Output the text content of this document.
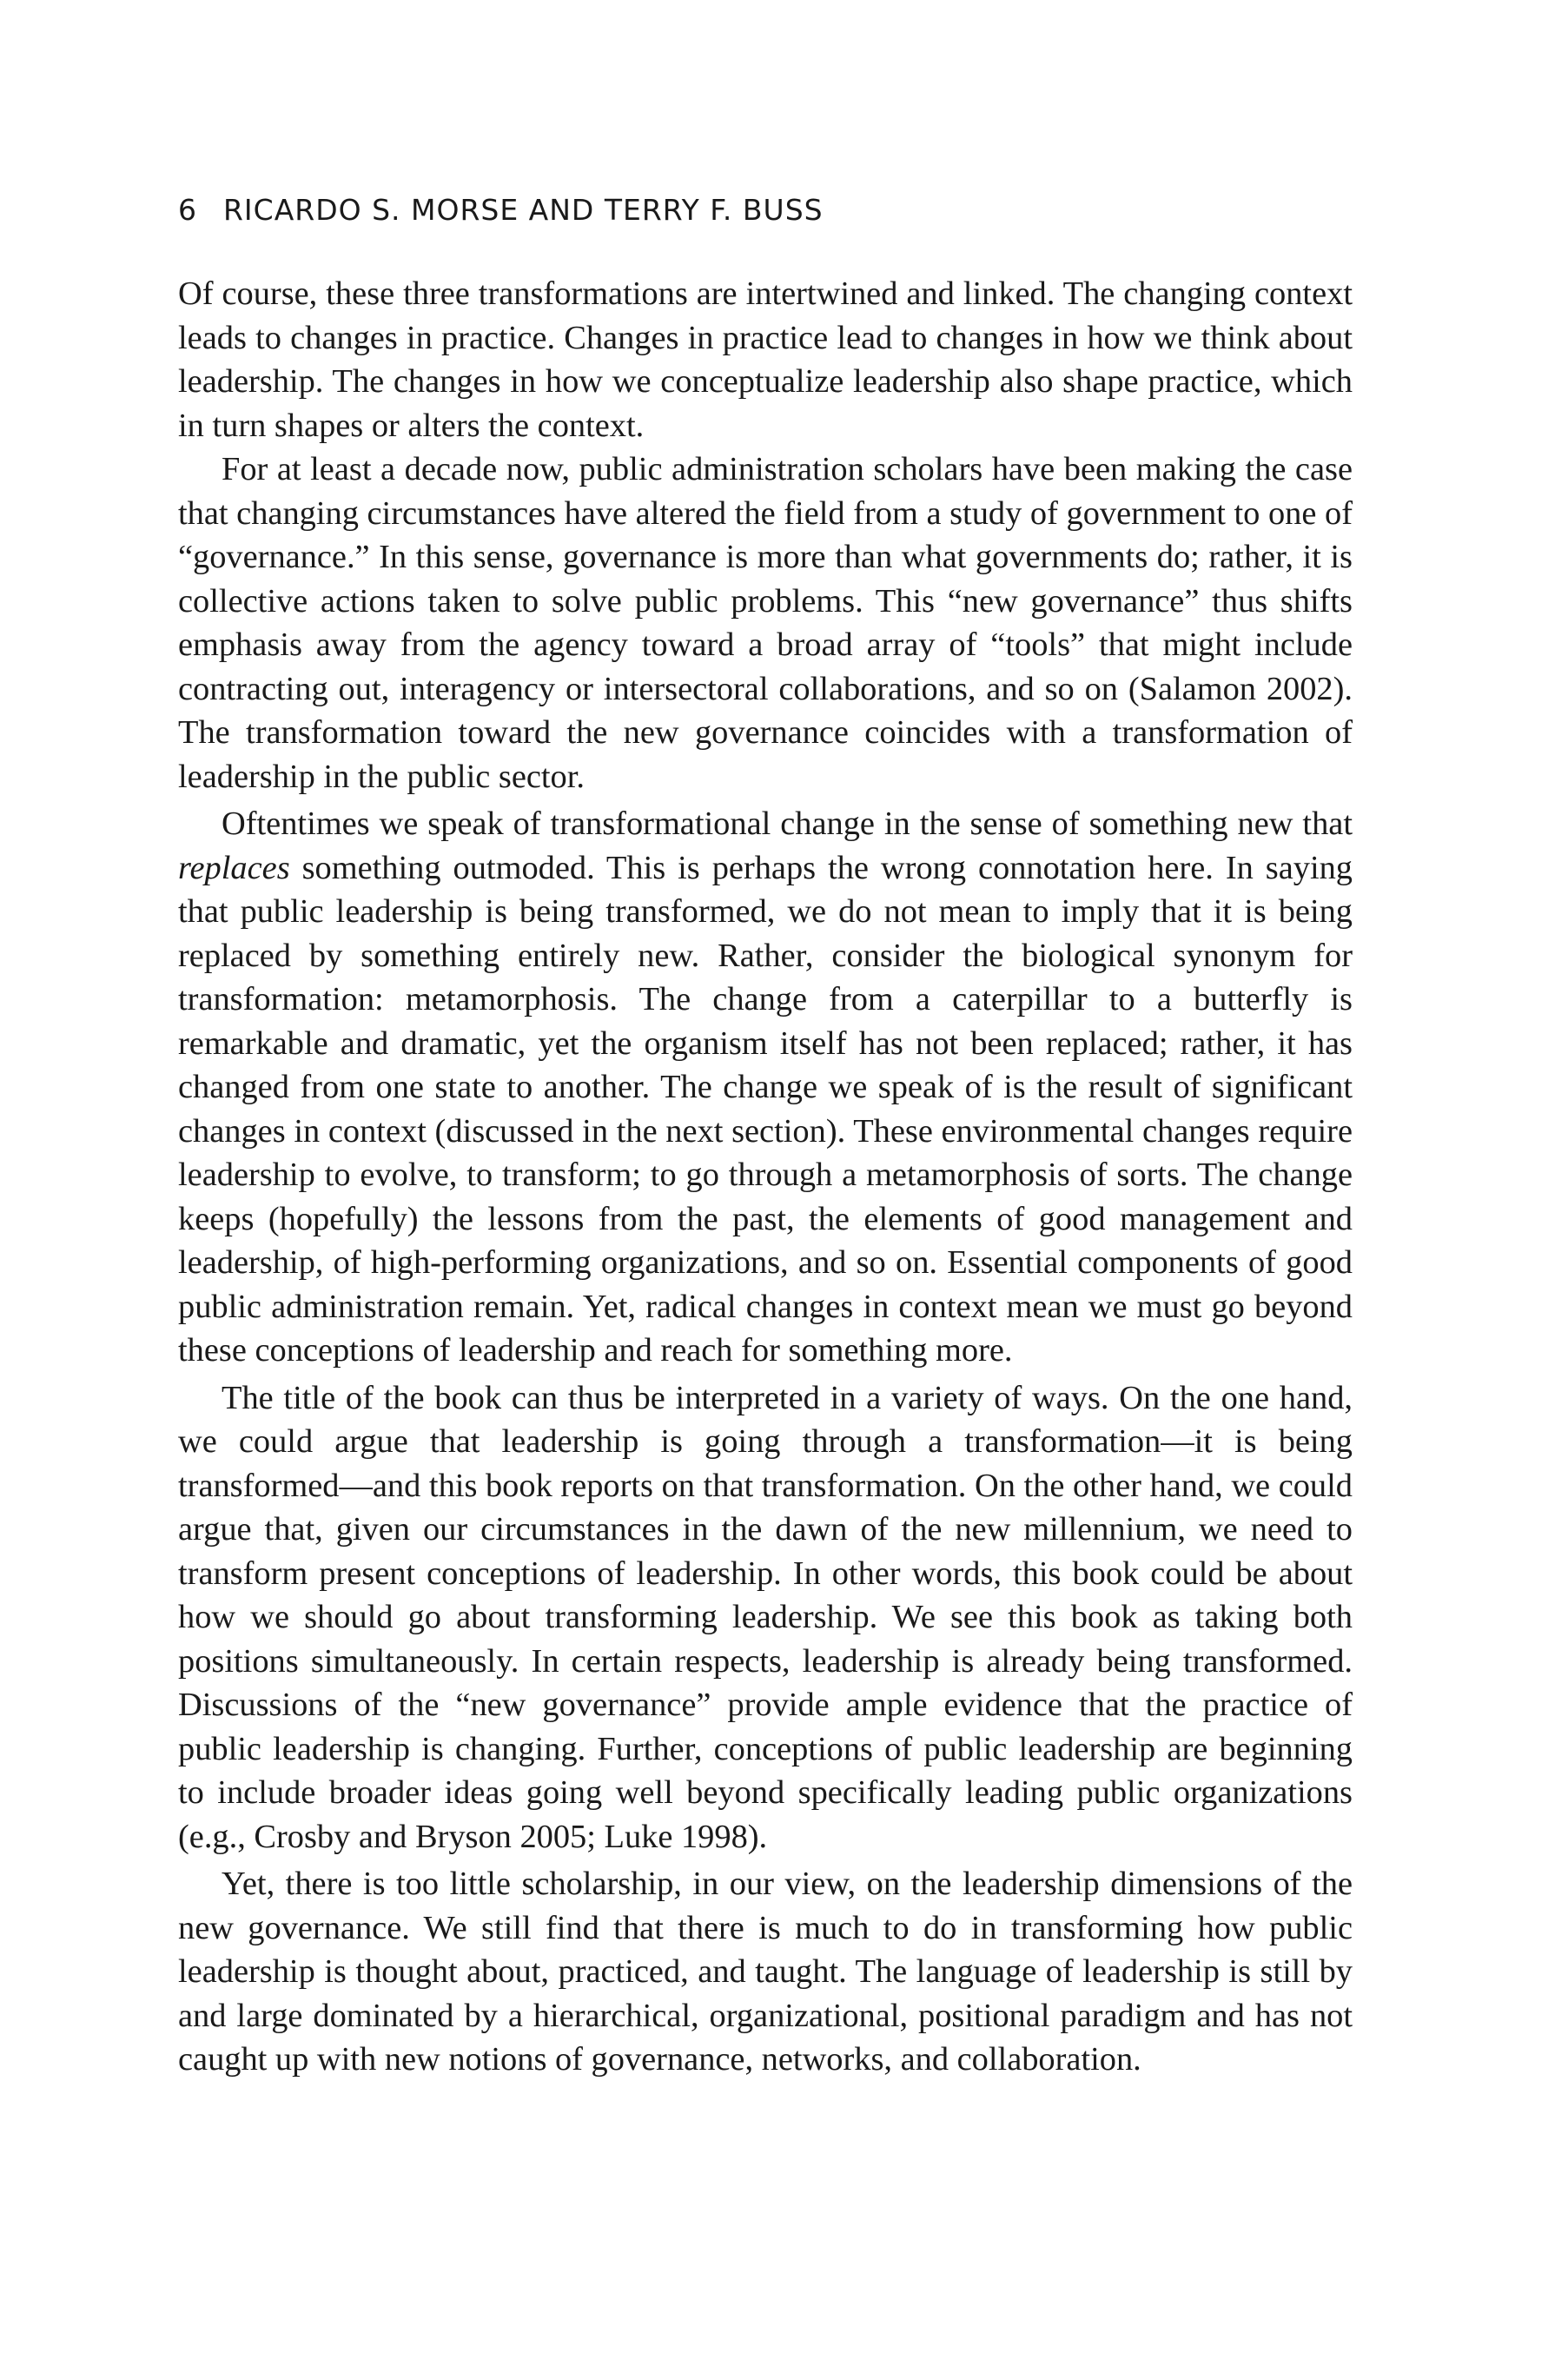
6 RICARDO S. MORSE AND TERRY F. BUSS

Of course, these three transformations are intertwined and linked. The changing context leads to changes in practice. Changes in practice lead to changes in how we think about leadership. The changes in how we conceptualize leadership also shape practice, which in turn shapes or alters the context.

For at least a decade now, public administration scholars have been making the case that changing circumstances have altered the field from a study of government to one of “governance.” In this sense, governance is more than what governments do; rather, it is collective actions taken to solve public problems. This “new governance” thus shifts emphasis away from the agency toward a broad array of “tools” that might include contracting out, interagency or intersectoral collaborations, and so on (Salamon 2002). The transformation toward the new governance coincides with a transformation of leadership in the public sector.

Oftentimes we speak of transformational change in the sense of something new that replaces something outmoded. This is perhaps the wrong connotation here. In saying that public leadership is being transformed, we do not mean to imply that it is being replaced by something entirely new. Rather, consider the biological synonym for transformation: metamorphosis. The change from a caterpillar to a butterfly is remarkable and dramatic, yet the organism itself has not been replaced; rather, it has changed from one state to another. The change we speak of is the result of significant changes in context (discussed in the next section). These environmental changes require leadership to evolve, to transform; to go through a metamorphosis of sorts. The change keeps (hopefully) the lessons from the past, the elements of good management and leadership, of high-performing organizations, and so on. Essential components of good public administration remain. Yet, radical changes in context mean we must go beyond these conceptions of leadership and reach for something more.

The title of the book can thus be interpreted in a variety of ways. On the one hand, we could argue that leadership is going through a transformation—it is being transformed—and this book reports on that transformation. On the other hand, we could argue that, given our circumstances in the dawn of the new millennium, we need to transform present conceptions of leadership. In other words, this book could be about how we should go about transforming leadership. We see this book as taking both positions simultaneously. In certain respects, leadership is already being transformed. Discussions of the “new governance” provide ample evidence that the practice of public leadership is changing. Further, conceptions of public leadership are beginning to include broader ideas going well beyond specifically leading public organizations (e.g., Crosby and Bryson 2005; Luke 1998).

Yet, there is too little scholarship, in our view, on the leadership dimensions of the new governance. We still find that there is much to do in transforming how public leadership is thought about, practiced, and taught. The language of leadership is still by and large dominated by a hierarchical, organizational, positional paradigm and has not caught up with new notions of governance, networks, and collaboration.
